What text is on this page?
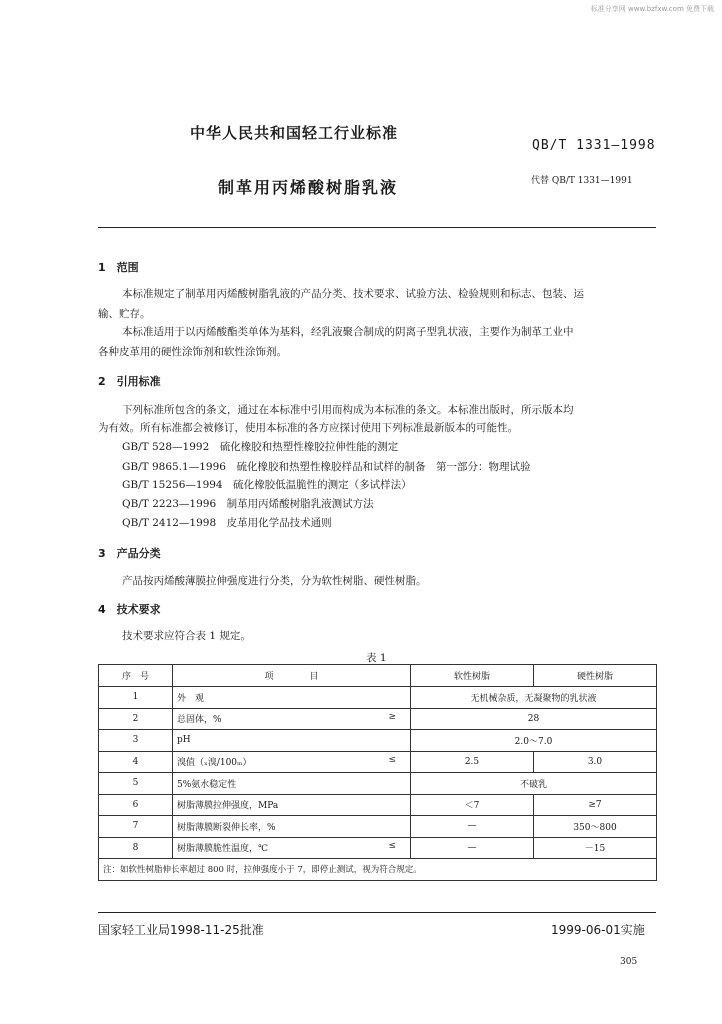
标准分享网 www.bzfxw.com 免费下载
中华人民共和国轻工行业标准
QB/T 1331—1998
制革用丙烯酸树脂乳液	代替 QB/T 1331—1991
1　范围
本标准规定了制革用丙烯酸树脂乳液的产品分类、技术要求、试验方法、检验规则和标志、包装、运
输、贮存。
本标准适用于以丙烯酸酯类单体为基料，经乳液聚合制成的阴离子型乳状液，主要作为制革工业中
各种皮革用的硬性涂饰剂和软性涂饰剂。
2　引用标准
下列标准所包含的条文，通过在本标准中引用而构成为本标准的条文。本标准出版时，所示版本均
为有效。所有标准都会被修订，使用本标准的各方应探讨使用下列标准最新版本的可能性。
GB/T 528—1992　硫化橡胶和热塑性橡胶拉伸性能的测定
GB/T 9865.1—1996　硫化橡胶和热塑性橡胶样品和试样的制备　第一部分：物理试验
GB/T 15256—1994　硫化橡胶低温脆性的测定（多试样法）
QB/T 2223—1996　制革用丙烯酸树脂乳液测试方法
QB/T 2412—1998　皮革用化学品技术通则
3　产品分类
产品按丙烯酸薄膜拉伸强度进行分类，分为软性树脂、硬性树脂。
4　技术要求
技术要求应符合表 1 规定。
表 1
序　号	项　　　　目	软性树脂	硬性树脂
1	外　观	无机械杂质，无凝聚物的乳状液	
2	总固体，% ≥	28	
3	pH	2.0～7.0	
4	溴值（ₓ溴/100ₘ） ≤	2.5	3.0
5	5%氨水稳定性	不破乳	
6	树脂薄膜拉伸强度，MPa	＜7	≥7
7	树脂薄膜断裂伸长率，%	—	350～800
8	树脂薄膜脆性温度，℃ ≤	—	－15
注：如软性树脂伸长率超过 800 时，拉伸强度小于 7，即停止测试，视为符合规定。			
国家轻工业局1998-11-25批准	1999-06-01实施
305
